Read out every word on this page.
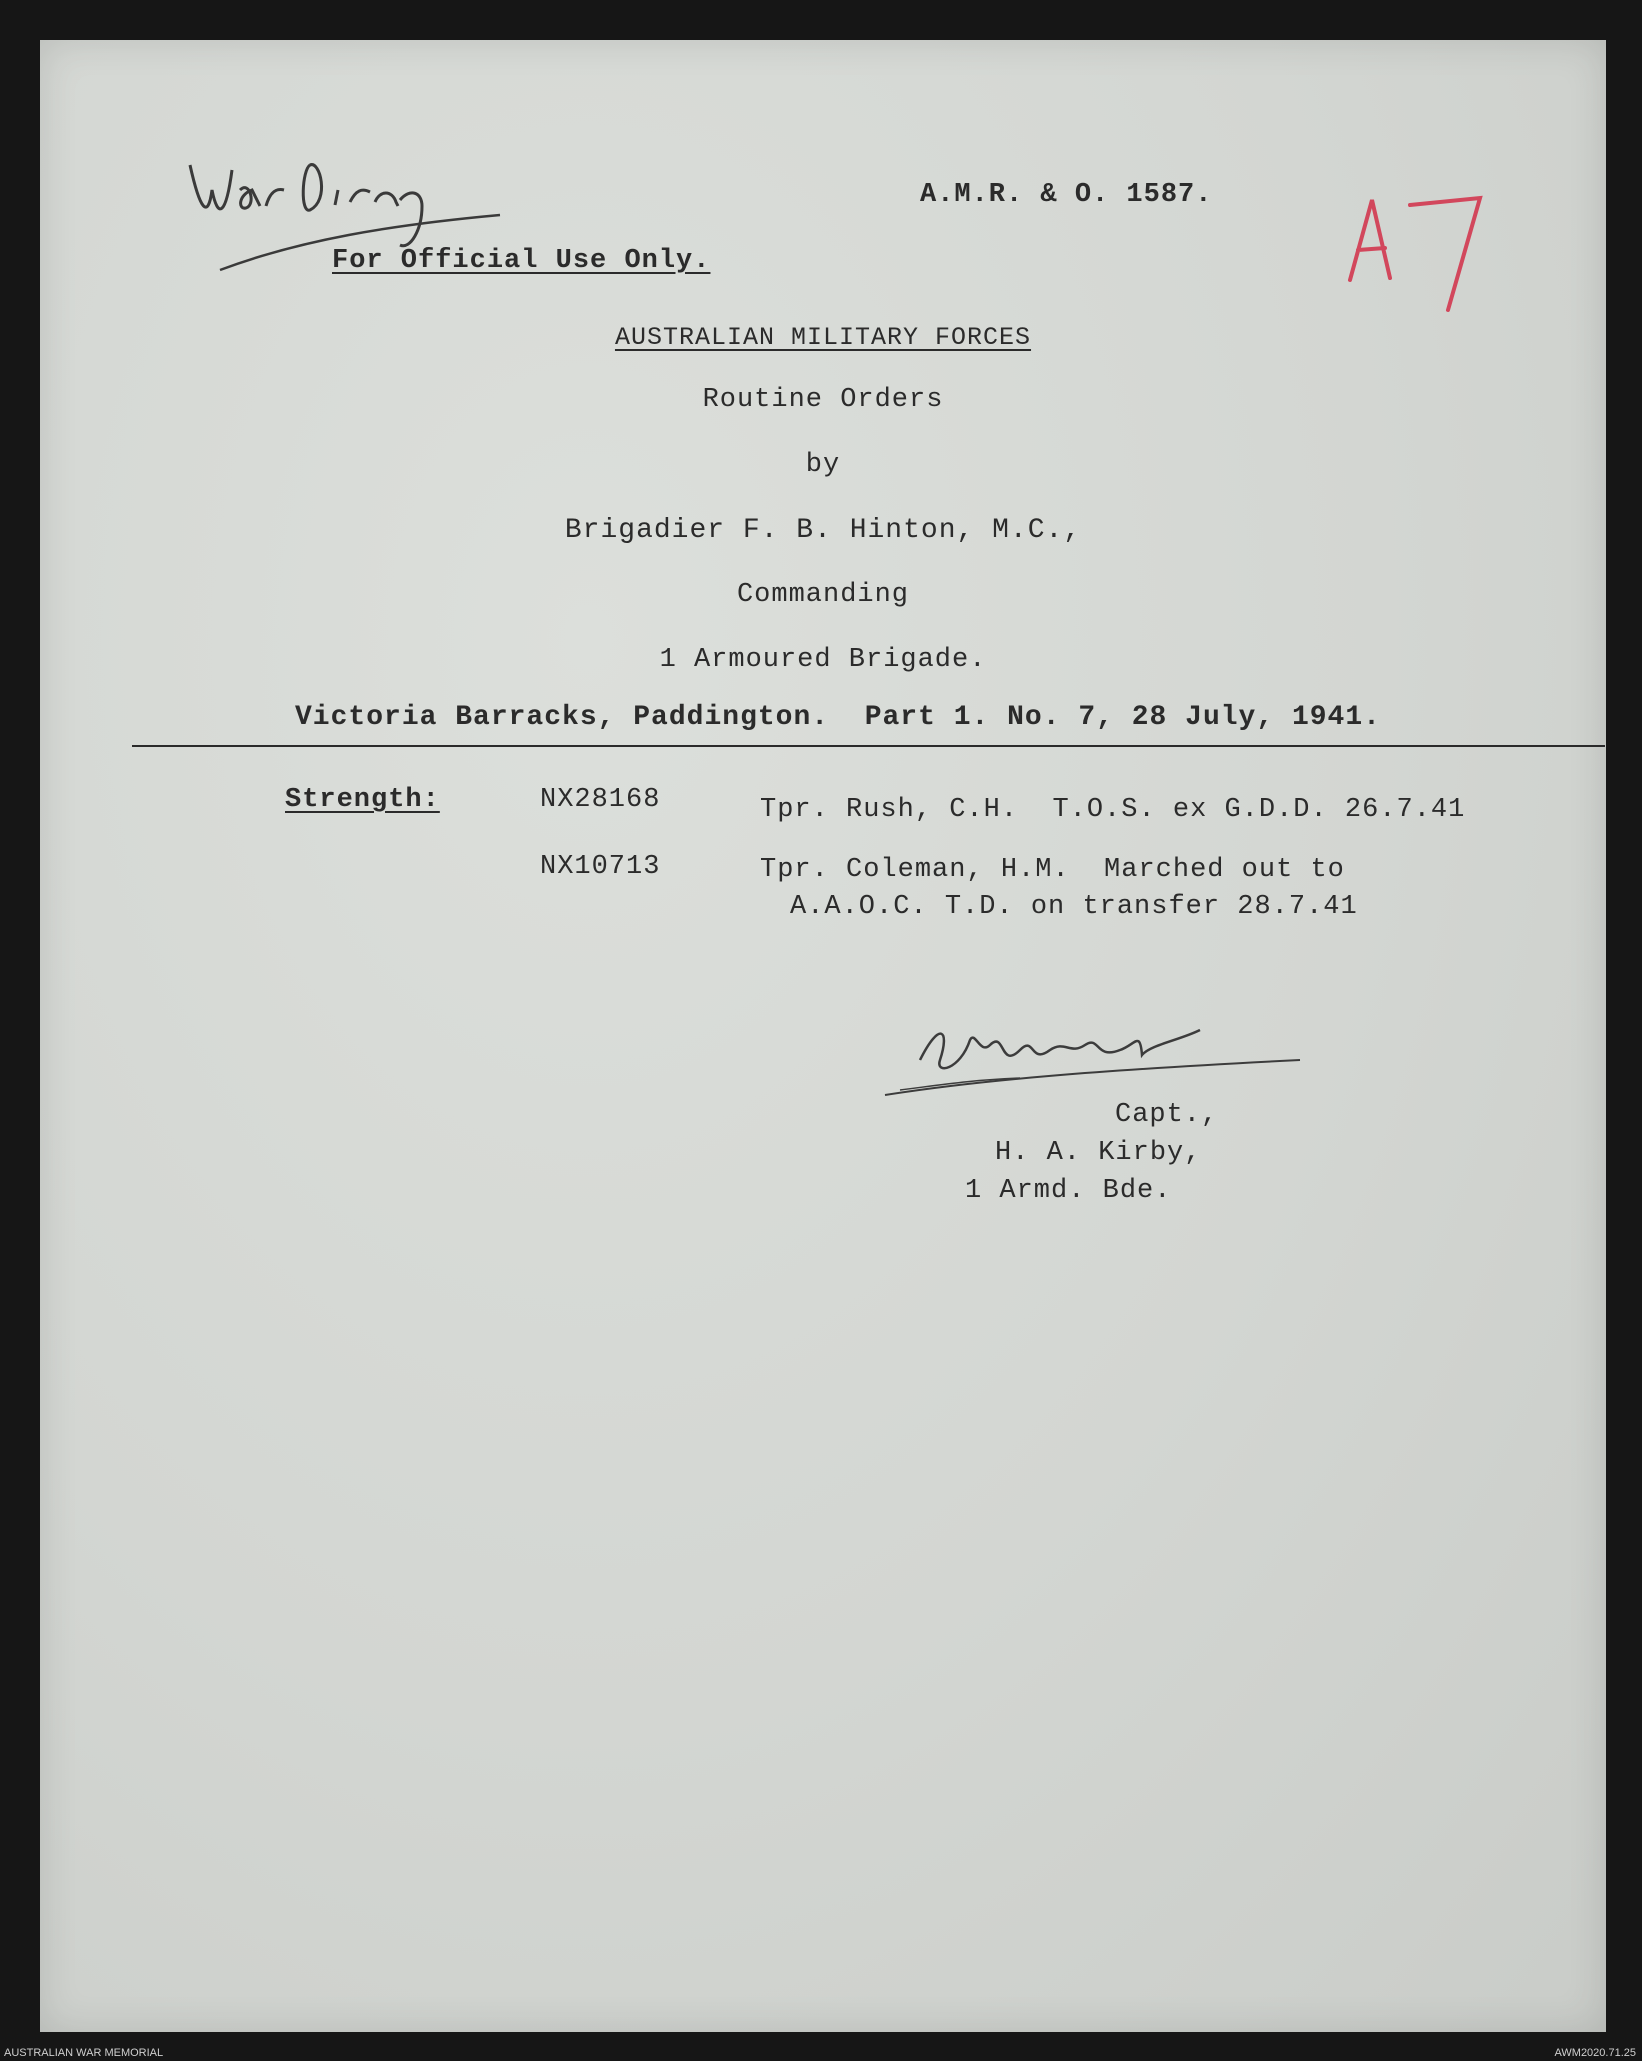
War Diary
A.M.R. & O. 1587.
For Official Use Only.
AUSTRALIAN MILITARY FORCES
Routine Orders
by
Brigadier F. B. Hinton, M.C.,
Commanding
1 Armoured Brigade.
Victoria Barracks, Paddington.  Part 1. No. 7, 28 July, 1941.
Strength:	NX28168	Tpr. Rush, C.H.  T.O.S. ex G.D.D. 26.7.41
NX10713	Tpr. Coleman, H.M.  Marched out to
A.A.O.C. T.D. on transfer 28.7.41
Capt.,
H. A. Kirby,
1 Armd. Bde.
AUSTRALIAN WAR MEMORIAL	AWM2020.71.25
